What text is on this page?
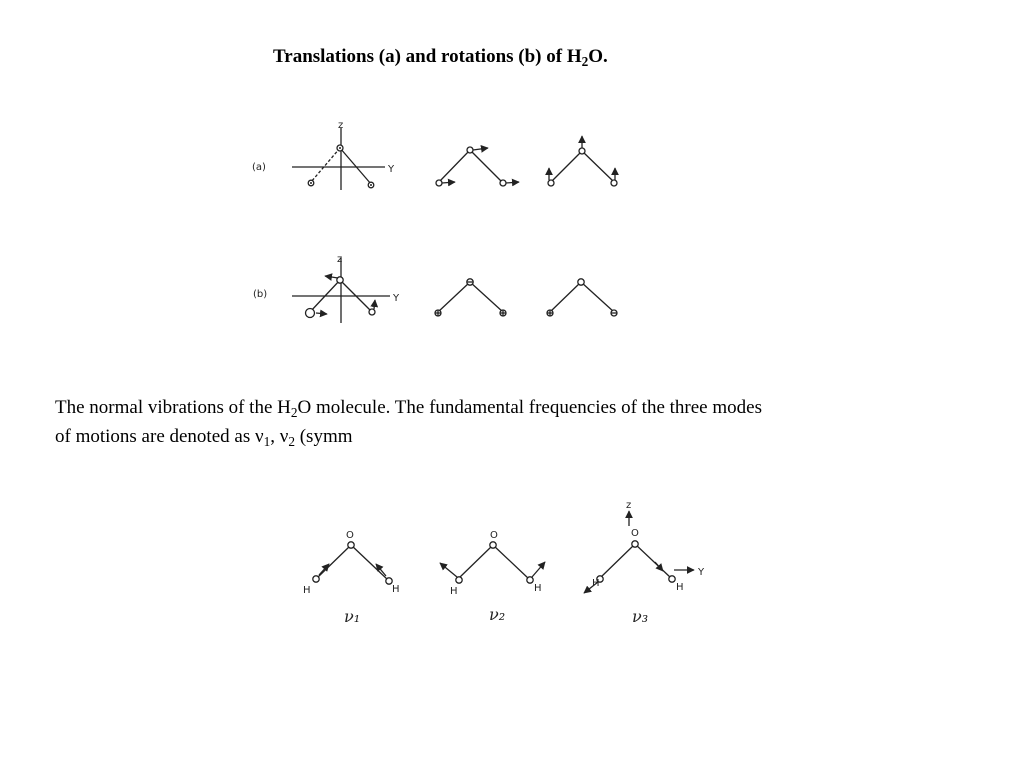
Translations (a) and rotations (b) of $H_2O$.
(a)
z
Y
(b)
z
Y
O
H	H
ν₁
O
H	H
ν₂
z
O
H	H
Y
ν₃
The normal vibrations of the $H_2O$ molecule. The fundamental frequencies of the three modes
of motions are denoted as $\nu_1$, $\nu_2$ (symm
